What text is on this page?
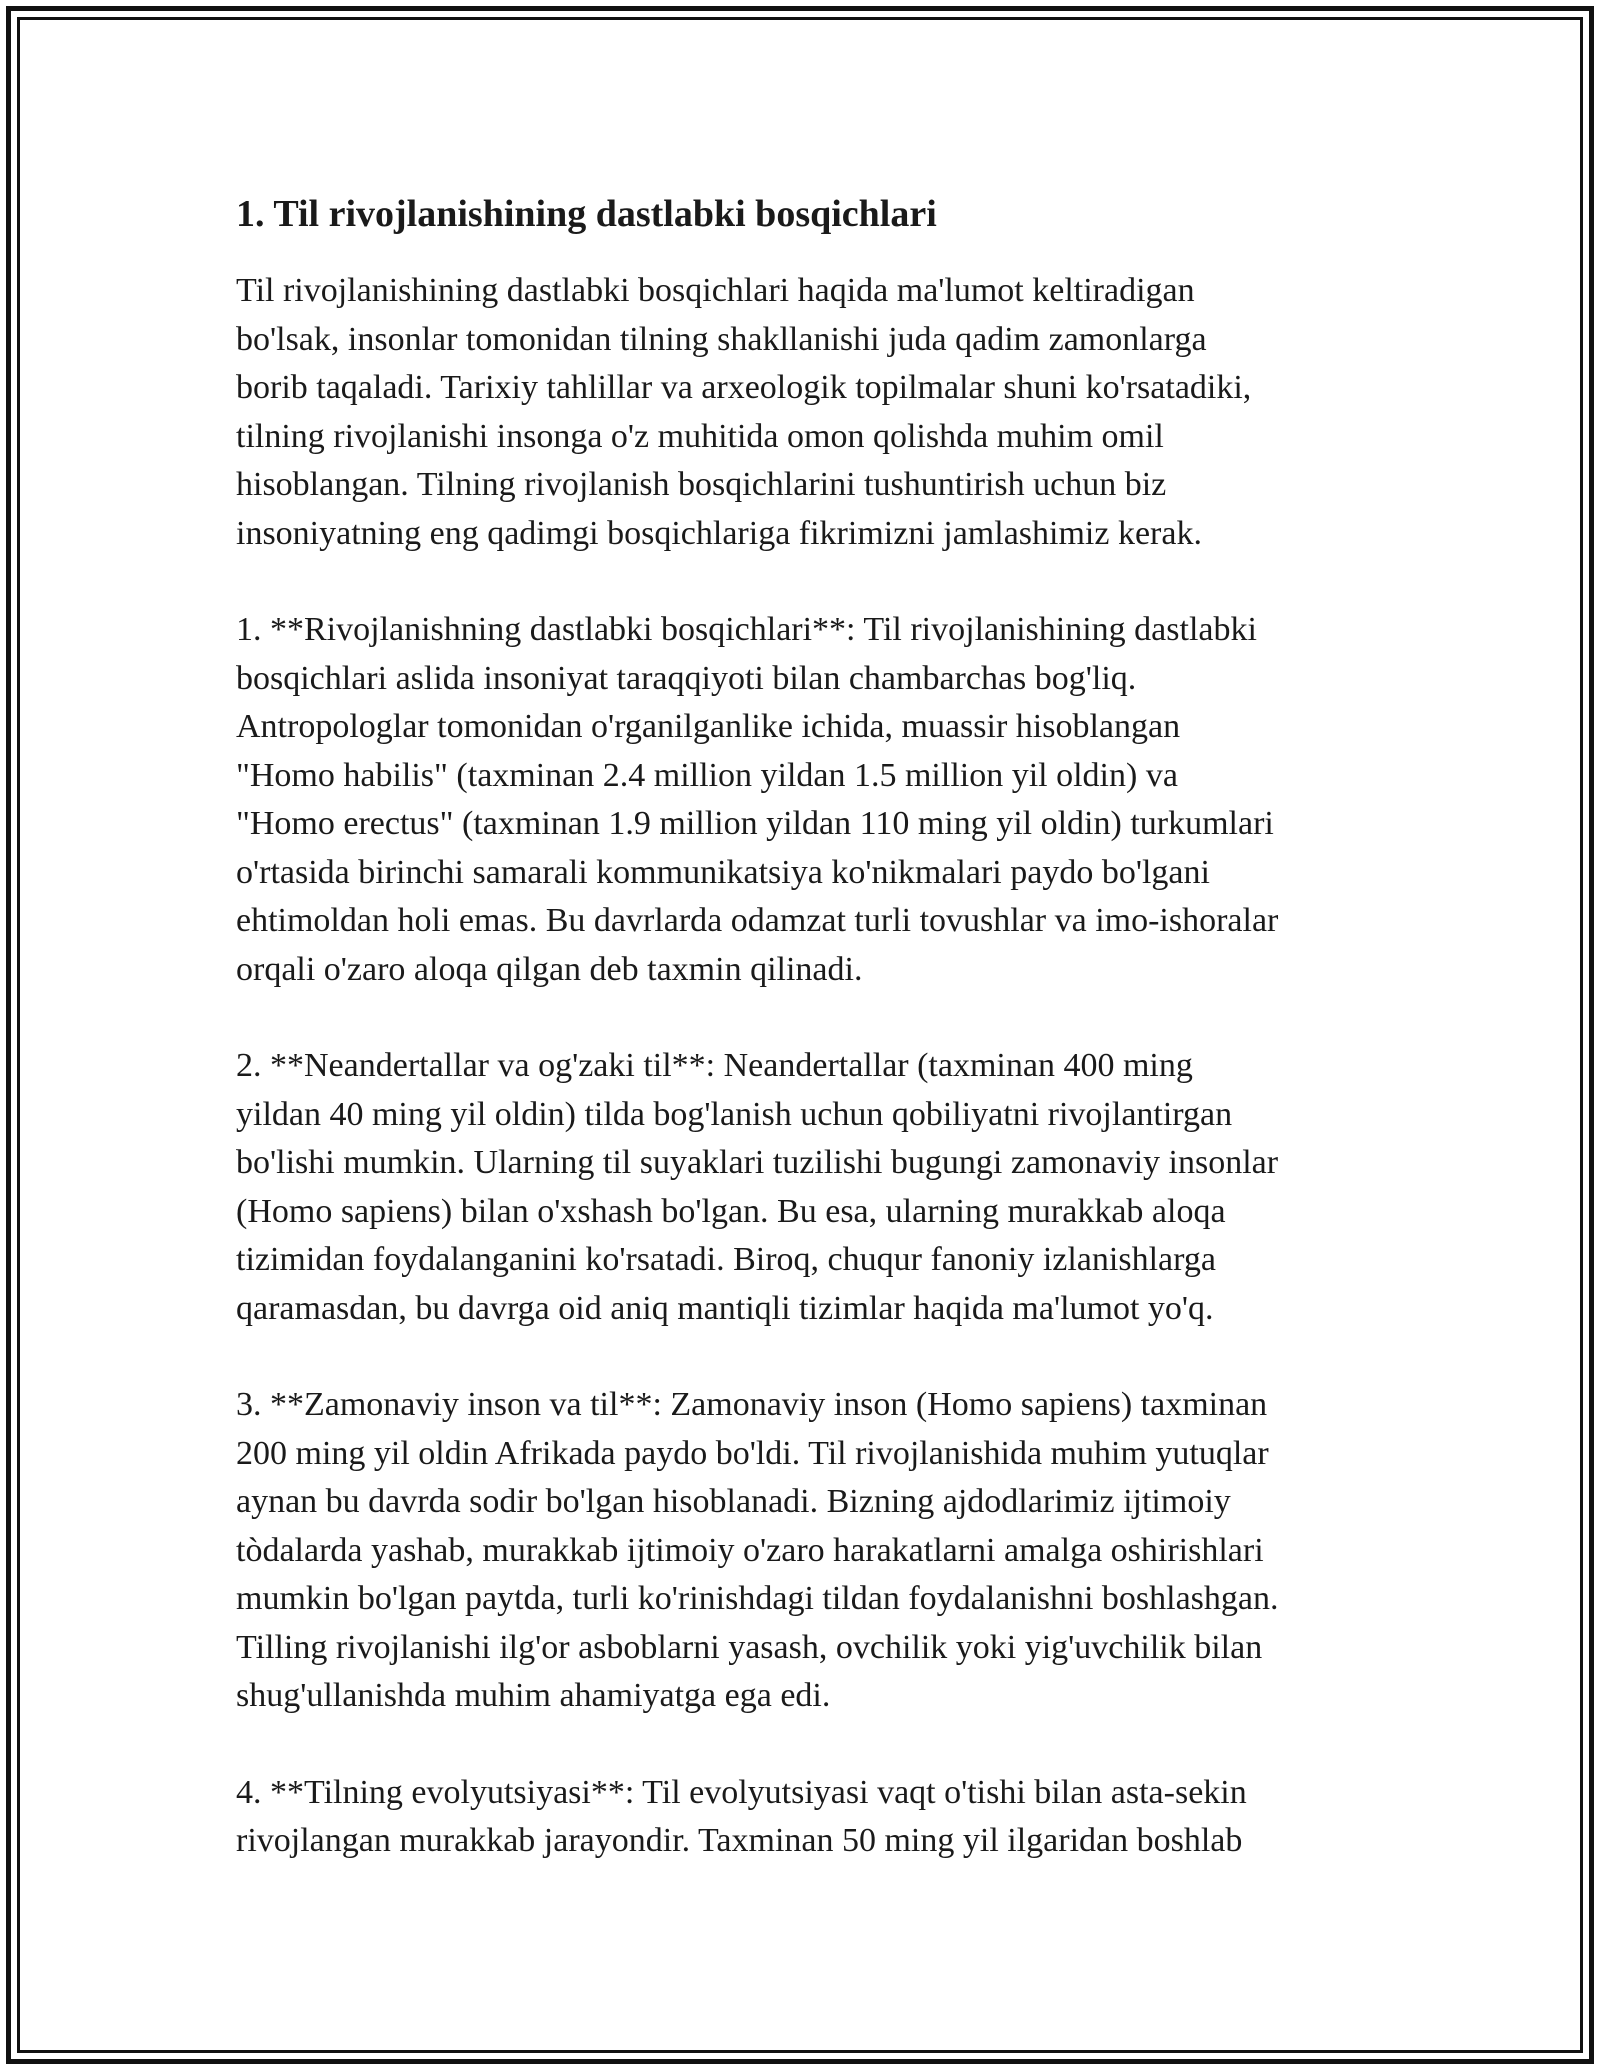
1. Til rivojlanishining dastlabki bosqichlari

Til rivojlanishining dastlabki bosqichlari haqida ma'lumot keltiradigan
bo'lsak, insonlar tomonidan tilning shakllanishi juda qadim zamonlarga
borib taqaladi. Tarixiy tahlillar va arxeologik topilmalar shuni ko'rsatadiki,
tilning rivojlanishi insonga o'z muhitida omon qolishda muhim omil
hisoblangan. Tilning rivojlanish bosqichlarini tushuntirish uchun biz
insoniyatning eng qadimgi bosqichlariga fikrimizni jamlashimiz kerak.

1. **Rivojlanishning dastlabki bosqichlari**: Til rivojlanishining dastlabki
bosqichlari aslida insoniyat taraqqiyoti bilan chambarchas bog'liq.
Antropologlar tomonidan o'rganilganlike ichida, muassir hisoblangan
"Homo habilis" (taxminan 2.4 million yildan 1.5 million yil oldin) va
"Homo erectus" (taxminan 1.9 million yildan 110 ming yil oldin) turkumlari
o'rtasida birinchi samarali kommunikatsiya ko'nikmalari paydo bo'lgani
ehtimoldan holi emas. Bu davrlarda odamzat turli tovushlar va imo-ishoralar
orqali o'zaro aloqa qilgan deb taxmin qilinadi.

2. **Neandertallar va og'zaki til**: Neandertallar (taxminan 400 ming
yildan 40 ming yil oldin) tilda bog'lanish uchun qobiliyatni rivojlantirgan
bo'lishi mumkin. Ularning til suyaklari tuzilishi bugungi zamonaviy insonlar
(Homo sapiens) bilan o'xshash bo'lgan. Bu esa, ularning murakkab aloqa
tizimidan foydalanganini ko'rsatadi. Biroq, chuqur fanoniy izlanishlarga
qaramasdan, bu davrga oid aniq mantiqli tizimlar haqida ma'lumot yo'q.

3. **Zamonaviy inson va til**: Zamonaviy inson (Homo sapiens) taxminan
200 ming yil oldin Afrikada paydo bo'ldi. Til rivojlanishida muhim yutuqlar
aynan bu davrda sodir bo'lgan hisoblanadi. Bizning ajdodlarimiz ijtimoiy
tòdalarda yashab, murakkab ijtimoiy o'zaro harakatlarni amalga oshirishlari
mumkin bo'lgan paytda, turli ko'rinishdagi tildan foydalanishni boshlashgan.
Tilling rivojlanishi ilg'or asboblarni yasash, ovchilik yoki yig'uvchilik bilan
shug'ullanishda muhim ahamiyatga ega edi.

4. **Tilning evolyutsiyasi**: Til evolyutsiyasi vaqt o'tishi bilan asta-sekin
rivojlangan murakkab jarayondir. Taxminan 50 ming yil ilgaridan boshlab
